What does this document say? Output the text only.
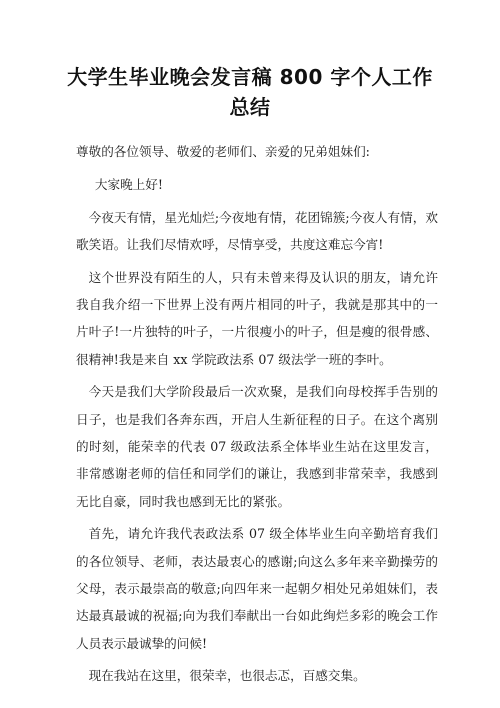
大学生毕业晚会发言稿 800 字个人工作总结

尊敬的各位领导、敬爱的老师们、亲爱的兄弟姐妹们:

大家晚上好!

今夜天有情，星光灿烂;今夜地有情，花团锦簇;今夜人有情，欢歌笑语。让我们尽情欢呼，尽情享受，共度这难忘今宵!

这个世界没有陌生的人，只有未曾来得及认识的朋友，请允许我自我介绍一下世界上没有两片相同的叶子，我就是那其中的一片叶子!一片独特的叶子，一片很瘦小的叶子，但是瘦的很骨感、很精神!我是来自 xx 学院政法系 07 级法学一班的李叶。

今天是我们大学阶段最后一次欢聚，是我们向母校挥手告别的日子，也是我们各奔东西，开启人生新征程的日子。在这个离别的时刻，能荣幸的代表 07 级政法系全体毕业生站在这里发言，非常感谢老师的信任和同学们的谦让，我感到非常荣幸，我感到无比自豪，同时我也感到无比的紧张。

首先，请允许我代表政法系 07 级全体毕业生向辛勤培育我们的各位领导、老师，表达最衷心的感谢;向这么多年来辛勤操劳的父母，表示最崇高的敬意;向四年来一起朝夕相处兄弟姐妹们，表达最真最诚的祝福;向为我们奉献出一台如此绚烂多彩的晚会工作人员表示最诚挚的问候!

现在我站在这里，很荣幸，也很忐忑，百感交集。
